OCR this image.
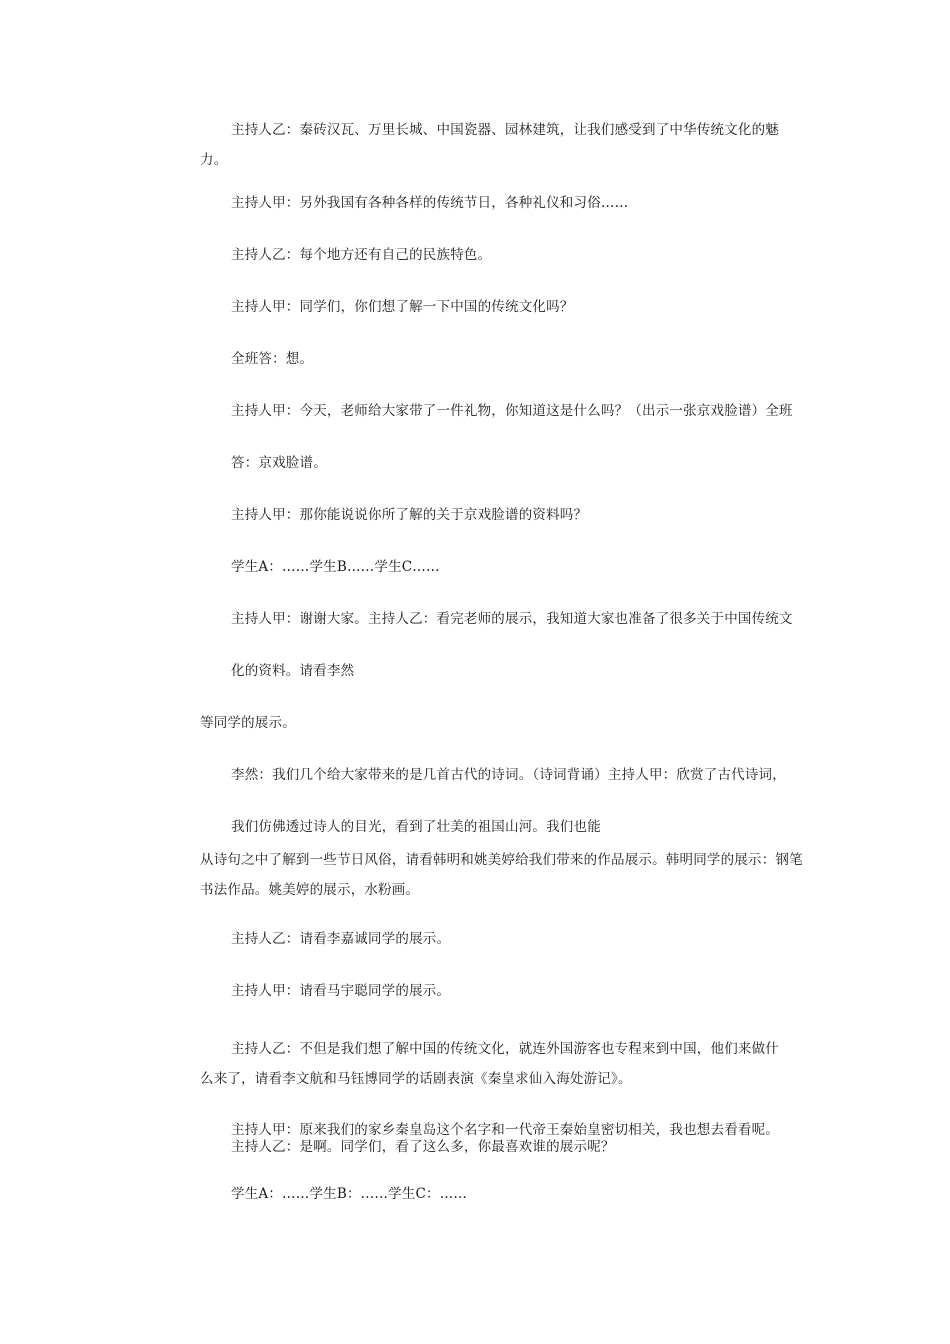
主持人乙：秦砖汉瓦、万里长城、中国瓷器、园林建筑，让我们感受到了中华传统文化的魅
力。
主持人甲：另外我国有各种各样的传统节日，各种礼仪和习俗……
主持人乙：每个地方还有自己的民族特色。
主持人甲：同学们，你们想了解一下中国的传统文化吗？
全班答：想。
主持人甲：今天，老师给大家带了一件礼物，你知道这是什么吗？（出示一张京戏脸谱）全班
答：京戏脸谱。
主持人甲：那你能说说你所了解的关于京戏脸谱的资料吗？
学生A：……学生B……学生C……
主持人甲：谢谢大家。主持人乙：看完老师的展示，我知道大家也准备了很多关于中国传统文
化的资料。请看李然
等同学的展示。
李然：我们几个给大家带来的是几首古代的诗词。（诗词背诵）主持人甲：欣赏了古代诗词，
我们仿佛透过诗人的目光，看到了壮美的祖国山河。我们也能
从诗句之中了解到一些节日风俗，请看韩明和姚美婷给我们带来的作品展示。韩明同学的展示：钢笔
书法作品。姚美婷的展示，水粉画。
主持人乙：请看李嘉诚同学的展示。
主持人甲：请看马宇聪同学的展示。
主持人乙：不但是我们想了解中国的传统文化，就连外国游客也专程来到中国，他们来做什
么来了，请看李文航和马钰博同学的话剧表演《秦皇求仙入海处游记》。
主持人甲：原来我们的家乡秦皇岛这个名字和一代帝王秦始皇密切相关，我也想去看看呢。
主持人乙：是啊。同学们，看了这么多，你最喜欢谁的展示呢？
学生A：……学生B：……学生C：……
